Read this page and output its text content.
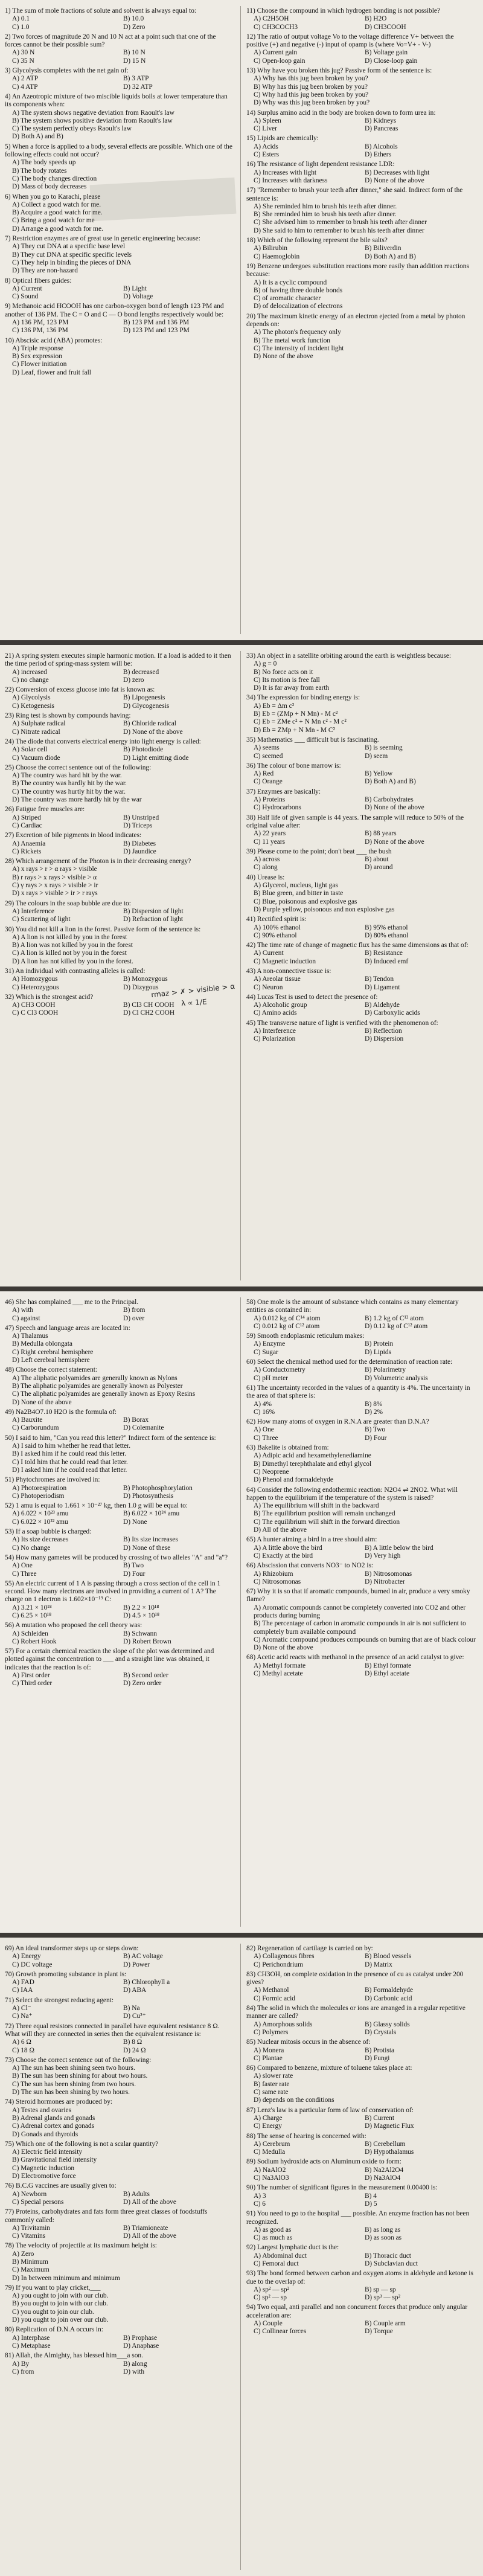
1) The sum of mole fractions of solute and solvent is always equal to:
A) 0.1	B) 10.0
C) 1.0	D) Zero
2) Two forces of magnitude 20 N and 10 N act at a point such that one of the forces cannot be their possible sum?
A) 30 N	B) 10 N
C) 35 N	D) 15 N
3) Glycolysis completes with the net gain of:
A) 2 ATP	B) 3 ATP
C) 4 ATP	D) 32 ATP
4) An Azeotropic mixture of two miscible liquids boils at lower temperature than its components when:
A) The system shows negative deviation from Raoult's law
B) The system shows positive deviation from Raoult's law
C) The system perfectly obeys Raoult's law
D) Both A) and B)
5) When a force is applied to a body, several effects are possible. Which one of the following effects could not occur?
A) The body speeds up
B) The body rotates
C) The body changes direction
D) Mass of body decreases
6) When you go to Karachi, please
A) Collect a good watch for me.
B) Acquire a good watch for me.
C) Bring a good watch for me
D) Arrange a good watch for me.
7) Restriction enzymes are of great use in genetic engineering because:
A) They cut DNA at a specific base level
B) They cut DNA at specific specific levels
C) They help in binding the pieces of DNA
D) They are non-hazard
8) Optical fibers guides:
A) Current	B) Light
C) Sound	D) Voltage
9) Methanoic acid HCOOH has one carbon-oxygen bond of length 123 PM and another of 136 PM. The C = O and C — O bond lengths respectively would be:
A) 136 PM, 123 PM	B) 123 PM and 136 PM
C) 136 PM, 136 PM	D) 123 PM and 123 PM
10) Abscisic acid (ABA) promotes:
A) Triple response
B) Sex expression
C) Flower initiation
D) Leaf, flower and fruit fall
11) Choose the compound in which hydrogen bonding is not possible?
A) C2H5OH	B) H2O
C) CH3COCH3	D) CH3COOH
12) The ratio of output voltage Vo to the voltage difference V+ between the positive (+) and negative (-) input of opamp is (where Vo=V+ - V-)
A) Current gain	B) Voltage gain
C) Open-loop gain	D) Close-loop gain
13) Why have you broken this jug? Passive form of the sentence is:
A) Why has this jug been broken by you?
B) Why has this jug been broken by you?
C) Why had this jug been broken by you?
D) Why was this jug been broken by you?
14) Surplus amino acid in the body are broken down to form urea in:
A) Spleen	B) Kidneys
C) Liver	D) Pancreas
15) Lipids are chemically:
A) Acids	B) Alcohols
C) Esters	D) Ethers
16) The resistance of light dependent resistance LDR:
A) Increases with light	B) Decreases with light
C) Increases with darkness	D) None of the above
17) "Remember to brush your teeth after dinner," she said. Indirect form of the sentence is:
A) She reminded him to brush his teeth after dinner.
B) She reminded him to brush his teeth after dinner.
C) She advised him to remember to brush his teeth after dinner
D) She said to him to remember to brush his teeth after dinner
18) Which of the following represent the bile salts?
A) Bilirubin	B) Biliverdin
C) Haemoglobin	D) Both A) and B)
19) Benzene undergoes substitution reactions more easily than addition reactions because:
A) It is a cyclic compound
B) of having three double bonds
C) of aromatic character
D) of delocalization of electrons
20) The maximum kinetic energy of an electron ejected from a metal by photon depends on:
A) The photon's frequency only
B) The metal work function
C) The intensity of incident light
D) None of the above
21) A spring system executes simple harmonic motion. If a load is added to it then the time period of spring-mass system will be:
A) increased	B) decreased
C) no change	D) zero
22) Conversion of excess glucose into fat is known as:
A) Glycolysis	B) Lipogenesis
C) Ketogenesis	D) Glycogenesis
23) Ring test is shown by compounds having:
A) Sulphate radical	B) Chloride radical
C) Nitrate radical	D) None of the above
24) The diode that converts electrical energy into light energy is called:
A) Solar cell	B) Photodiode
C) Vacuum diode	D) Light emitting diode
25) Choose the correct sentence out of the following:
A) The country was hard hit by the war.
B) The country was hardly hit by the war.
C) The country was hurtly hit by the war.
D) The country was more hardly hit by the war
26) Fatigue free muscles are:
A) Striped	B) Unstriped
C) Cardiac	D) Triceps
27) Excretion of bile pigments in blood indicates:
A) Anaemia	B) Diabetes
C) Rickets	D) Jaundice
28) Which arrangement of the Photon is in their decreasing energy?
A) x rays > r > α rays > visible
B) r rays > x rays > visible > α
C) γ rays > x rays > visible > ir
D) x rays > visible > ir > r rays
29) The colours in the soap bubble are due to:
A) Interference	B) Dispersion of light
C) Scattering of light	D) Refraction of light
30) You did not kill a lion in the forest. Passive form of the sentence is:
A) A lion is not killed by you in the forest
B) A lion was not killed by you in the forest
C) A lion is killed not by you in the forest
D) A lion has not killed by you in the forest.
31) An individual with contrasting alleles is called:
A) Homozygous	B) Monozygous
C) Heterozygous	D) Dizygous
32) Which is the strongest acid?
A) CH3 COOH	B) Cl3 CH COOH
C) C Cl3 COOH	D) Cl CH2 COOH
33) An object in a satellite orbiting around the earth is weightless because:
A) g = 0
B) No force acts on it
C) Its motion is free fall
D) It is far away from earth
34) The expression for binding energy is:
A) Eb = Δm c²
B) Eb = (ZMp + N Mn) - M c²
C) Eb = ZMe c² + N Mn c² - M c²
D) Eb = ZMp + N Mn - M C²
35) Mathematics ___ difficult but is fascinating.
A) seems	B) is seeming
C) seemed	D) seem
36) The colour of bone marrow is:
A) Red	B) Yellow
C) Orange	D) Both A) and B)
37) Enzymes are basically:
A) Proteins	B) Carbohydrates
C) Hydrocarbons	D) None of the above
38) Half life of given sample is 44 years. The sample will reduce to 50% of the original value after:
A) 22 years	B) 88 years
C) 11 years	D) None of the above
39) Please come to the point; don't beat ___ the bush
A) across	B) about
C) along	D) around
40) Urease is:
A) Glycerol, nucleus, light gas
B) Blue green, and bitter in taste
C) Blue, poisonous and explosive gas
D) Purple yellow, poisonous and non explosive gas
41) Rectified spirit is:
A) 100% ethanol	B) 95% ethanol
C) 90% ethanol	D) 80% ethanol
42) The time rate of change of magnetic flux has the same dimensions as that of:
A) Current	B) Resistance
C) Magnetic induction	D) Induced emf
43) A non-connective tissue is:
A) Areolar tissue	B) Tendon
C) Neuron	D) Ligament
44) Lucas Test is used to detect the presence of:
A) Alcoholic group	B) Aldehyde
C) Amino acids	D) Carboxylic acids
45) The transverse nature of light is verified with the phenomenon of:
A) Interference	B) Reflection
C) Polarization	D) Dispersion
rmaz > ✗ > visible > α
λ ∝ 1/E
46) She has complained ___ me to the Principal.
A) with	B) from
C) against	D) over
47) Speech and language areas are located in:
A) Thalamus
B) Medulla oblongata
C) Right cerebral hemisphere
D) Left cerebral hemisphere
48) Choose the correct statement:
A) The aliphatic polyamides are generally known as Nylons
B) The aliphatic polyamides are generally known as Polyester
C) The aliphatic polyamides are generally known as Epoxy Resins
D) None of the above
49) Na2B4O7.10 H2O is the formula of:
A) Bauxite	B) Borax
C) Carborundum	D) Colemanite
50) I said to him, "Can you read this letter?" Indirect form of the sentence is:
A) I said to him whether he read that letter.
B) I asked him if he could read this letter.
C) I told him that he could read that letter.
D) I asked him if he could read that letter.
51) Phytochromes are involved in:
A) Photorespiration	B) Photophosphorylation
C) Photoperiodism	D) Photosynthesis
52) 1 amu is equal to 1.661 × 10⁻²⁷ kg, then 1.0 g will be equal to:
A) 6.022 × 10²³ amu	B) 6.022 × 10²⁴ amu
C) 6.022 × 10²² amu	D) None
53) If a soap bubble is charged:
A) Its size decreases	B) Its size increases
C) No change	D) None of these
54) How many gametes will be produced by crossing of two alleles "A" and "a"?
A) One	B) Two
C) Three	D) Four
55) An electric current of 1 A is passing through a cross section of the cell in 1 second. How many electrons are involved in providing a current of 1 A? The charge on 1 electron is 1.602×10⁻¹⁹ C:
A) 3.21 × 10¹⁸	B) 2.2 × 10¹⁸
C) 6.25 × 10¹⁸	D) 4.5 × 10¹⁸
56) A mutation who proposed the cell theory was:
A) Schleiden	B) Schwann
C) Robert Hook	D) Robert Brown
57) For a certain chemical reaction the slope of the plot was determined and plotted against the concentration to ___ and a straight line was obtained, it indicates that the reaction is of:
A) First order	B) Second order
C) Third order	D) Zero order
58) One mole is the amount of substance which contains as many elementary entities as contained in:
A) 0.012 kg of C¹⁴ atom	B) 1.2 kg of C¹² atom
C) 0.012 kg of C¹² atom	D) 0.12 kg of C¹² atom
59) Smooth endoplasmic reticulum makes:
A) Enzyme	B) Protein
C) Sugar	D) Lipids
60) Select the chemical method used for the determination of reaction rate:
A) Conductometry	B) Polarimetry
C) pH meter	D) Volumetric analysis
61) The uncertainty recorded in the values of a quantity is 4%. The uncertainty in the area of that sphere is:
A) 4%	B) 8%
C) 16%	D) 2%
62) How many atoms of oxygen in R.N.A are greater than D.N.A?
A) One	B) Two
C) Three	D) Four
63) Bakelite is obtained from:
A) Adipic acid and hexamethylenediamine
B) Dimethyl terephthalate and ethyl glycol
C) Neoprene
D) Phenol and formaldehyde
64) Consider the following endothermic reaction: N2O4 ⇌ 2NO2. What will happen to the equilibrium if the temperature of the system is raised?
A) The equilibrium will shift in the backward
B) The equilibrium position will remain unchanged
C) The equilibrium will shift in the forward direction
D) All of the above
65) A hunter aiming a bird in a tree should aim:
A) A little above the bird	B) A little below the bird
C) Exactly at the bird	D) Very high
66) Abscission that converts NO3⁻ to NO2 is:
A) Rhizobium	B) Nitrosomonas
C) Nitrosomonas	D) Nitrobacter
67) Why it is so that if aromatic compounds, burned in air, produce a very smoky flame?
A) Aromatic compounds cannot be completely converted into CO2 and other products during burning
B) The percentage of carbon in aromatic compounds in air is not sufficient to completely burn available compound
C) Aromatic compound produces compounds on burning that are of black colour
D) None of the above
68) Acetic acid reacts with methanol in the presence of an acid catalyst to give:
A) Methyl formate	B) Ethyl formate
C) Methyl acetate	D) Ethyl acetate
69) An ideal transformer steps up or steps down:
A) Energy	B) AC voltage
C) DC voltage	D) Power
70) Growth promoting substance in plant is:
A) FAD	B) Chlorophyll a
C) IAA	D) ABA
71) Select the strongest reducing agent:
A) Cl⁻	B) Na
C) Na⁺	D) Cu²⁺
72) Three equal resistors connected in parallel have equivalent resistance 8 Ω. What will they are connected in series then the equivalent resistance is:
A) 6 Ω	B) 8 Ω
C) 18 Ω	D) 24 Ω
73) Choose the correct sentence out of the following:
A) The sun has been shining seen two hours.
B) The sun has been shining for about two hours.
C) The sun has been shining from two hours.
D) The sun has been shining by two hours.
74) Steroid hormones are produced by:
A) Testes and ovaries
B) Adrenal glands and gonads
C) Adrenal cortex and gonads
D) Gonads and thyroids
75) Which one of the following is not a scalar quantity?
A) Electric field intensity
B) Gravitational field intensity
C) Magnetic induction
D) Electromotive force
76) B.C.G vaccines are usually given to:
A) Newborn	B) Adults
C) Special persons	D) All of the above
77) Proteins, carbohydrates and fats form three great classes of foodstuffs commonly called:
A) Trivitamin	B) Triamioneate
C) Vitamins	D) All of the above
78) The velocity of projectile at its maximum height is:
A) Zero
B) Minimum
C) Maximum
D) In between minimum and minimum
79) If you want to play cricket,___
A) you ought to join with our club.
B) you ought to join with our club.
C) you ought to join our club.
D) you ought to join over our club.
80) Replication of D.N.A occurs in:
A) Interphase	B) Prophase
C) Metaphase	D) Anaphase
81) Allah, the Almighty, has blessed him___a son.
A) By	B) along
C) from	D) with
82) Regeneration of cartilage is carried on by:
A) Collagenous fibres	B) Blood vessels
C) Perichondrium	D) Matrix
83) CH3OH, on complete oxidation in the presence of cu as catalyst under 200 gives?
A) Methanol	B) Formaldehyde
C) Formic acid	D) Carbonic acid
84) The solid in which the molecules or ions are arranged in a regular repetitive manner are called?
A) Amorphous solids	B) Glassy solids
C) Polymers	D) Crystals
85) Nuclear mitosis occurs in the absence of:
A) Monera	B) Protista
C) Plantae	D) Fungi
86) Compared to benzene, mixture of toluene takes place at:
A) slower rate
B) faster rate
C) same rate
D) depends on the conditions
87) Lenz's law is a particular form of law of conservation of:
A) Charge	B) Current
C) Energy	D) Magnetic Flux
88) The sense of hearing is concerned with:
A) Cerebrum	B) Cerebellum
C) Medulla	D) Hypothalamus
89) Sodium hydroxide acts on Aluminum oxide to form:
A) NaAlO2	B) Na2Al2O4
C) Na3AlO3	D) Na3AlO4
90) The number of significant figures in the measurement 0.00400 is:
A) 3	B) 4
C) 6	D) 5
91) You need to go to the hospital ___ possible. An enzyme fraction has not been recognized.
A) as good as	B) as long as
C) as much as	D) as soon as
92) Largest lymphatic duct is the:
A) Abdominal duct	B) Thoracic duct
C) Femoral duct	D) Subclavian duct
93) The bond formed between carbon and oxygen atoms in aldehyde and ketone is due to the overlap of:
A) sp² — sp²	B) sp — sp
C) sp² — sp	D) sp³ — sp²
94) Two equal, anti parallel and non concurrent forces that produce only angular acceleration are:
A) Couple	B) Couple arm
C) Collinear forces	D) Torque
